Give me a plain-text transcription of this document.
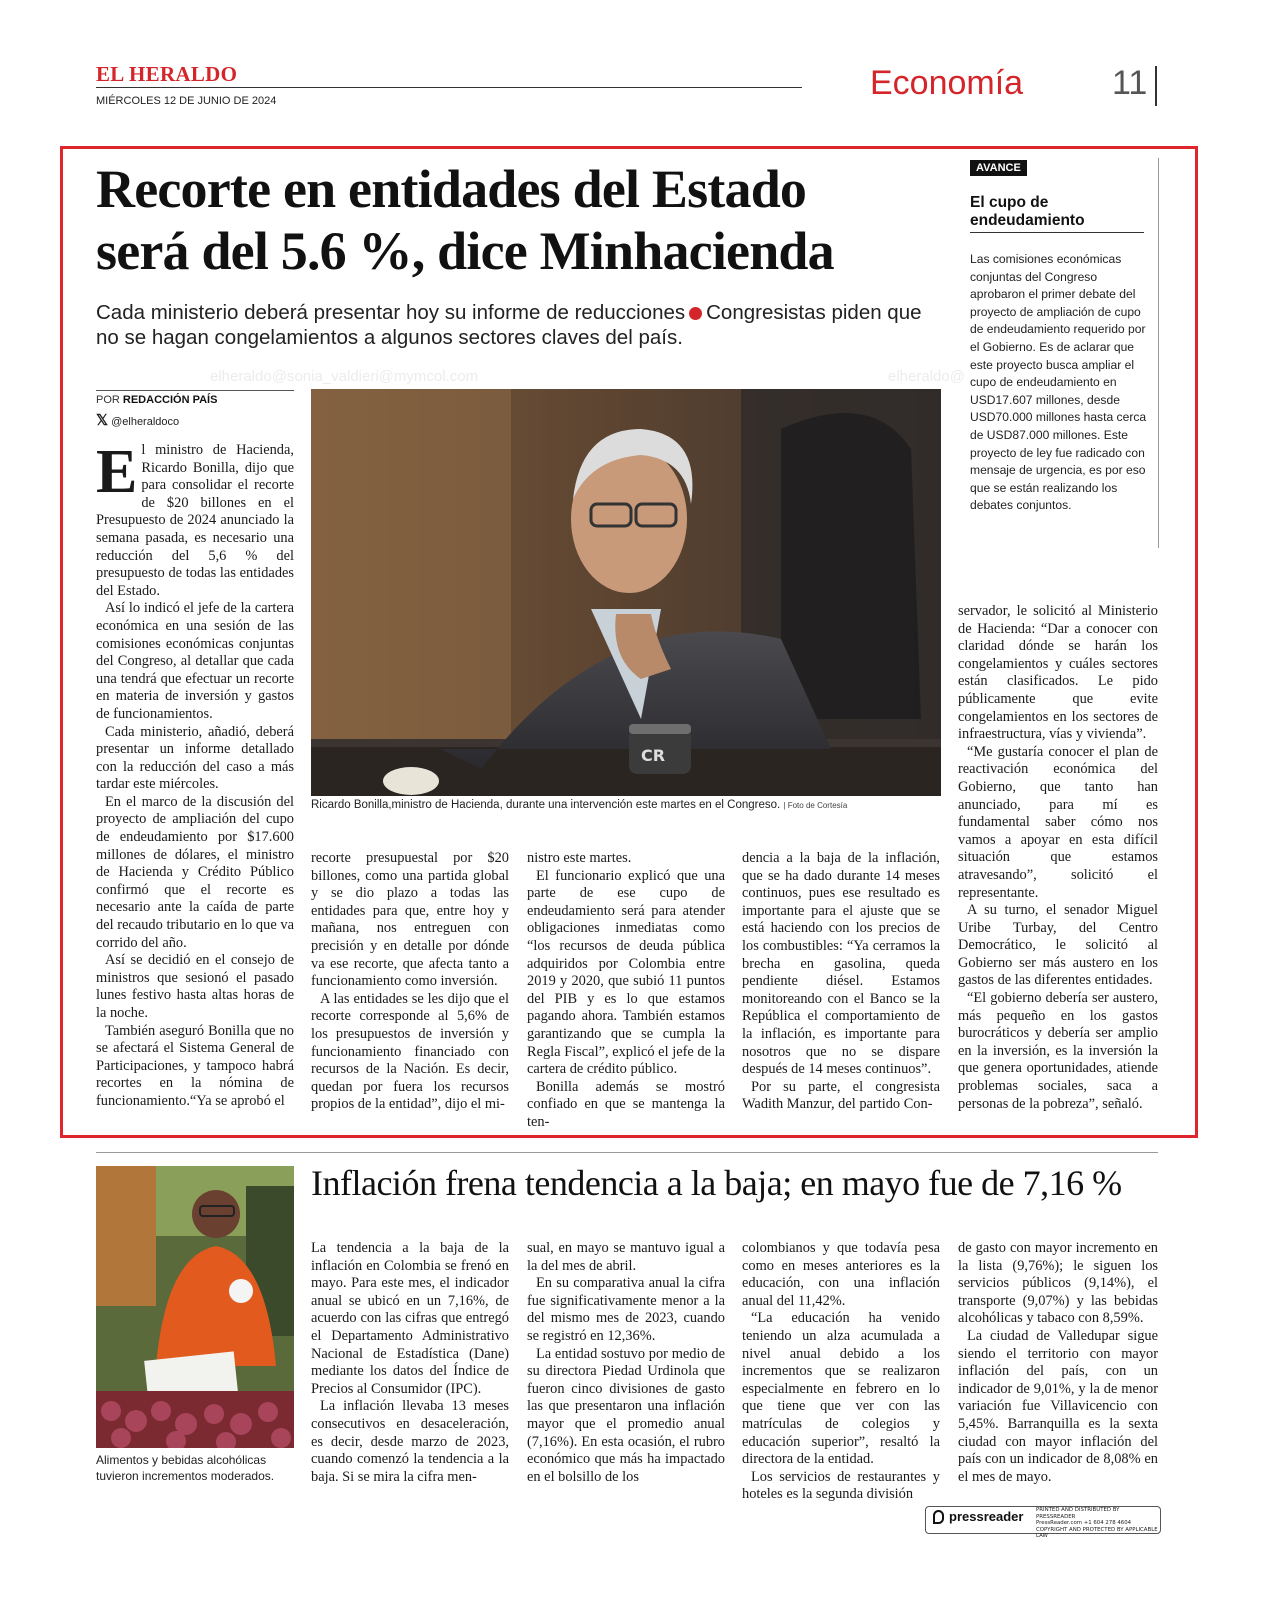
EL HERALDO
MIÉRCOLES 12 DE JUNIO DE 2024	Economía	11
Recorte en entidades del Estado
será del 5.6 %, dice Minhacienda
Cada ministerio deberá presentar hoy su informe de reducciones Congresistas piden que no se hagan congelamientos a algunos sectores claves del país.
elheraldo@sonia_valdieri@mymcol.com	elheraldo@
AVANCE
El cupo de endeudamiento
Las comisiones económicas conjuntas del Congreso aprobaron el primer debate del proyecto de ampliación de cupo de endeudamiento requerido por el Gobierno. Es de aclarar que este proyecto busca ampliar el cupo de endeudamiento en USD17.607 millones, desde USD70.000 millones hasta cerca de USD87.000 millones. Este proyecto de ley fue radicado con mensaje de urgencia, es por eso que se están realizando los debates conjuntos.
POR REDACCIÓN PAÍS
𝕏 @elheraldoco
CR
Ricardo Bonilla,ministro de Hacienda, durante una intervención este martes en el Congreso. | Foto de Cortesía
E l ministro de Hacienda, Ricardo Bonilla, dijo que para consolidar el recorte de $20 billones en el Presupuesto de 2024 anunciado la semana pasada, es necesario una reducción del 5,6 % del presupuesto de todas las entidades del Estado.

Así lo indicó el jefe de la cartera económica en una sesión de las comisiones económicas conjuntas del Congreso, al detallar que cada una tendrá que efectuar un recorte en materia de inversión y gastos de funcionamientos.

Cada ministerio, añadió, deberá presentar un informe detallado con la reducción del caso a más tardar este miércoles.

En el marco de la discusión del proyecto de ampliación del cupo de endeudamiento por $17.600 millones de dólares, el ministro de Hacienda y Crédito Público confirmó que el recorte es necesario ante la caída de parte del recaudo tributario en lo que va corrido del año.

Así se decidió en el consejo de ministros que sesionó el pasado lunes festivo hasta altas horas de la noche.

También aseguró Bonilla que no se afectará el Sistema General de Participaciones, y tampoco habrá recortes en la nómina de funcionamiento.“Ya se aprobó el

recorte presupuestal por $20 billones, como una partida global y se dio plazo a todas las entidades para que, entre hoy y mañana, nos entreguen con precisión y en detalle por dónde va ese recorte, que afecta tanto a funcionamiento como inversión.

A las entidades se les dijo que el recorte corresponde al 5,6% de los presupuestos de inversión y funcionamiento financiado con recursos de la Nación. Es decir, quedan por fuera los recursos propios de la entidad”, dijo el mi-

nistro este martes.

El funcionario explicó que una parte de ese cupo de endeudamiento será para atender obligaciones inmediatas como “los recursos de deuda pública adquiridos por Colombia entre 2019 y 2020, que subió 11 puntos del PIB y es lo que estamos pagando ahora. También estamos garantizando que se cumpla la Regla Fiscal”, explicó el jefe de la cartera de crédito público.

Bonilla además se mostró confiado en que se mantenga la ten-

dencia a la baja de la inflación, que se ha dado durante 14 meses continuos, pues ese resultado es importante para el ajuste que se está haciendo con los precios de los combustibles: “Ya cerramos la brecha en gasolina, queda pendiente diésel. Estamos monitoreando con el Banco se la República el comportamiento de la inflación, es importante para nosotros que no se dispare después de 14 meses continuos”.

Por su parte, el congresista Wadith Manzur, del partido Con-

servador, le solicitó al Ministerio de Hacienda: “Dar a conocer con claridad dónde se harán los congelamientos y cuáles sectores están clasificados. Le pido públicamente que evite congelamientos en los sectores de infraestructura, vías y vivienda”.

“Me gustaría conocer el plan de reactivación económica del Gobierno, que tanto han anunciado, para mí es fundamental saber cómo nos vamos a apoyar en esta difícil situación que estamos atravesando”, solicitó el representante.

A su turno, el senador Miguel Uribe Turbay, del Centro Democrático, le solicitó al Gobierno ser más austero en los gastos de las diferentes entidades.

“El gobierno debería ser austero, más pequeño en los gastos burocráticos y debería ser amplio en la inversión, es la inversión la que genera oportunidades, atiende problemas sociales, saca a personas de la pobreza”, señaló.

Inflación frena tendencia a la baja; en mayo fue de 7,16 %
Alimentos y bebidas alcohólicas tuvieron incrementos moderados.

La tendencia a la baja de la inflación en Colombia se frenó en mayo. Para este mes, el indicador anual se ubicó en un 7,16%, de acuerdo con las cifras que entregó el Departamento Administrativo Nacional de Estadística (Dane) mediante los datos del Índice de Precios al Consumidor (IPC).

La inflación llevaba 13 meses consecutivos en desaceleración, es decir, desde marzo de 2023, cuando comenzó la tendencia a la baja. Si se mira la cifra men-

sual, en mayo se mantuvo igual a la del mes de abril.

En su comparativa anual la cifra fue significativamente menor a la del mismo mes de 2023, cuando se registró en 12,36%.

La entidad sostuvo por medio de su directora Piedad Urdinola que fueron cinco divisiones de gasto las que presentaron una inflación mayor que el promedio anual (7,16%). En esta ocasión, el rubro económico que más ha impactado en el bolsillo de los

colombianos y que todavía pesa como en meses anteriores es la educación, con una inflación anual del 11,42%.

“La educación ha venido teniendo un alza acumulada a nivel anual debido a los incrementos que se realizaron especialmente en febrero en lo que tiene que ver con las matrículas de colegios y educación superior”, resaltó la directora de la entidad.

Los servicios de restaurantes y hoteles es la segunda división

de gasto con mayor incremento en la lista (9,76%); le siguen los servicios públicos (9,14%), el transporte (9,07%) y las bebidas alcohólicas y tabaco con 8,59%.

La ciudad de Valledupar sigue siendo el territorio con mayor inflación del país, con un indicador de 9,01%, y la de menor variación fue Villavicencio con 5,45%. Barranquilla es la sexta ciudad con mayor inflación del país con un indicador de 8,08% en el mes de mayo.

pressreader PRINTED AND DISTRIBUTED BY PRESSREADER
PressReader.com +1 604 278 4604
COPYRIGHT AND PROTECTED BY APPLICABLE LAW
